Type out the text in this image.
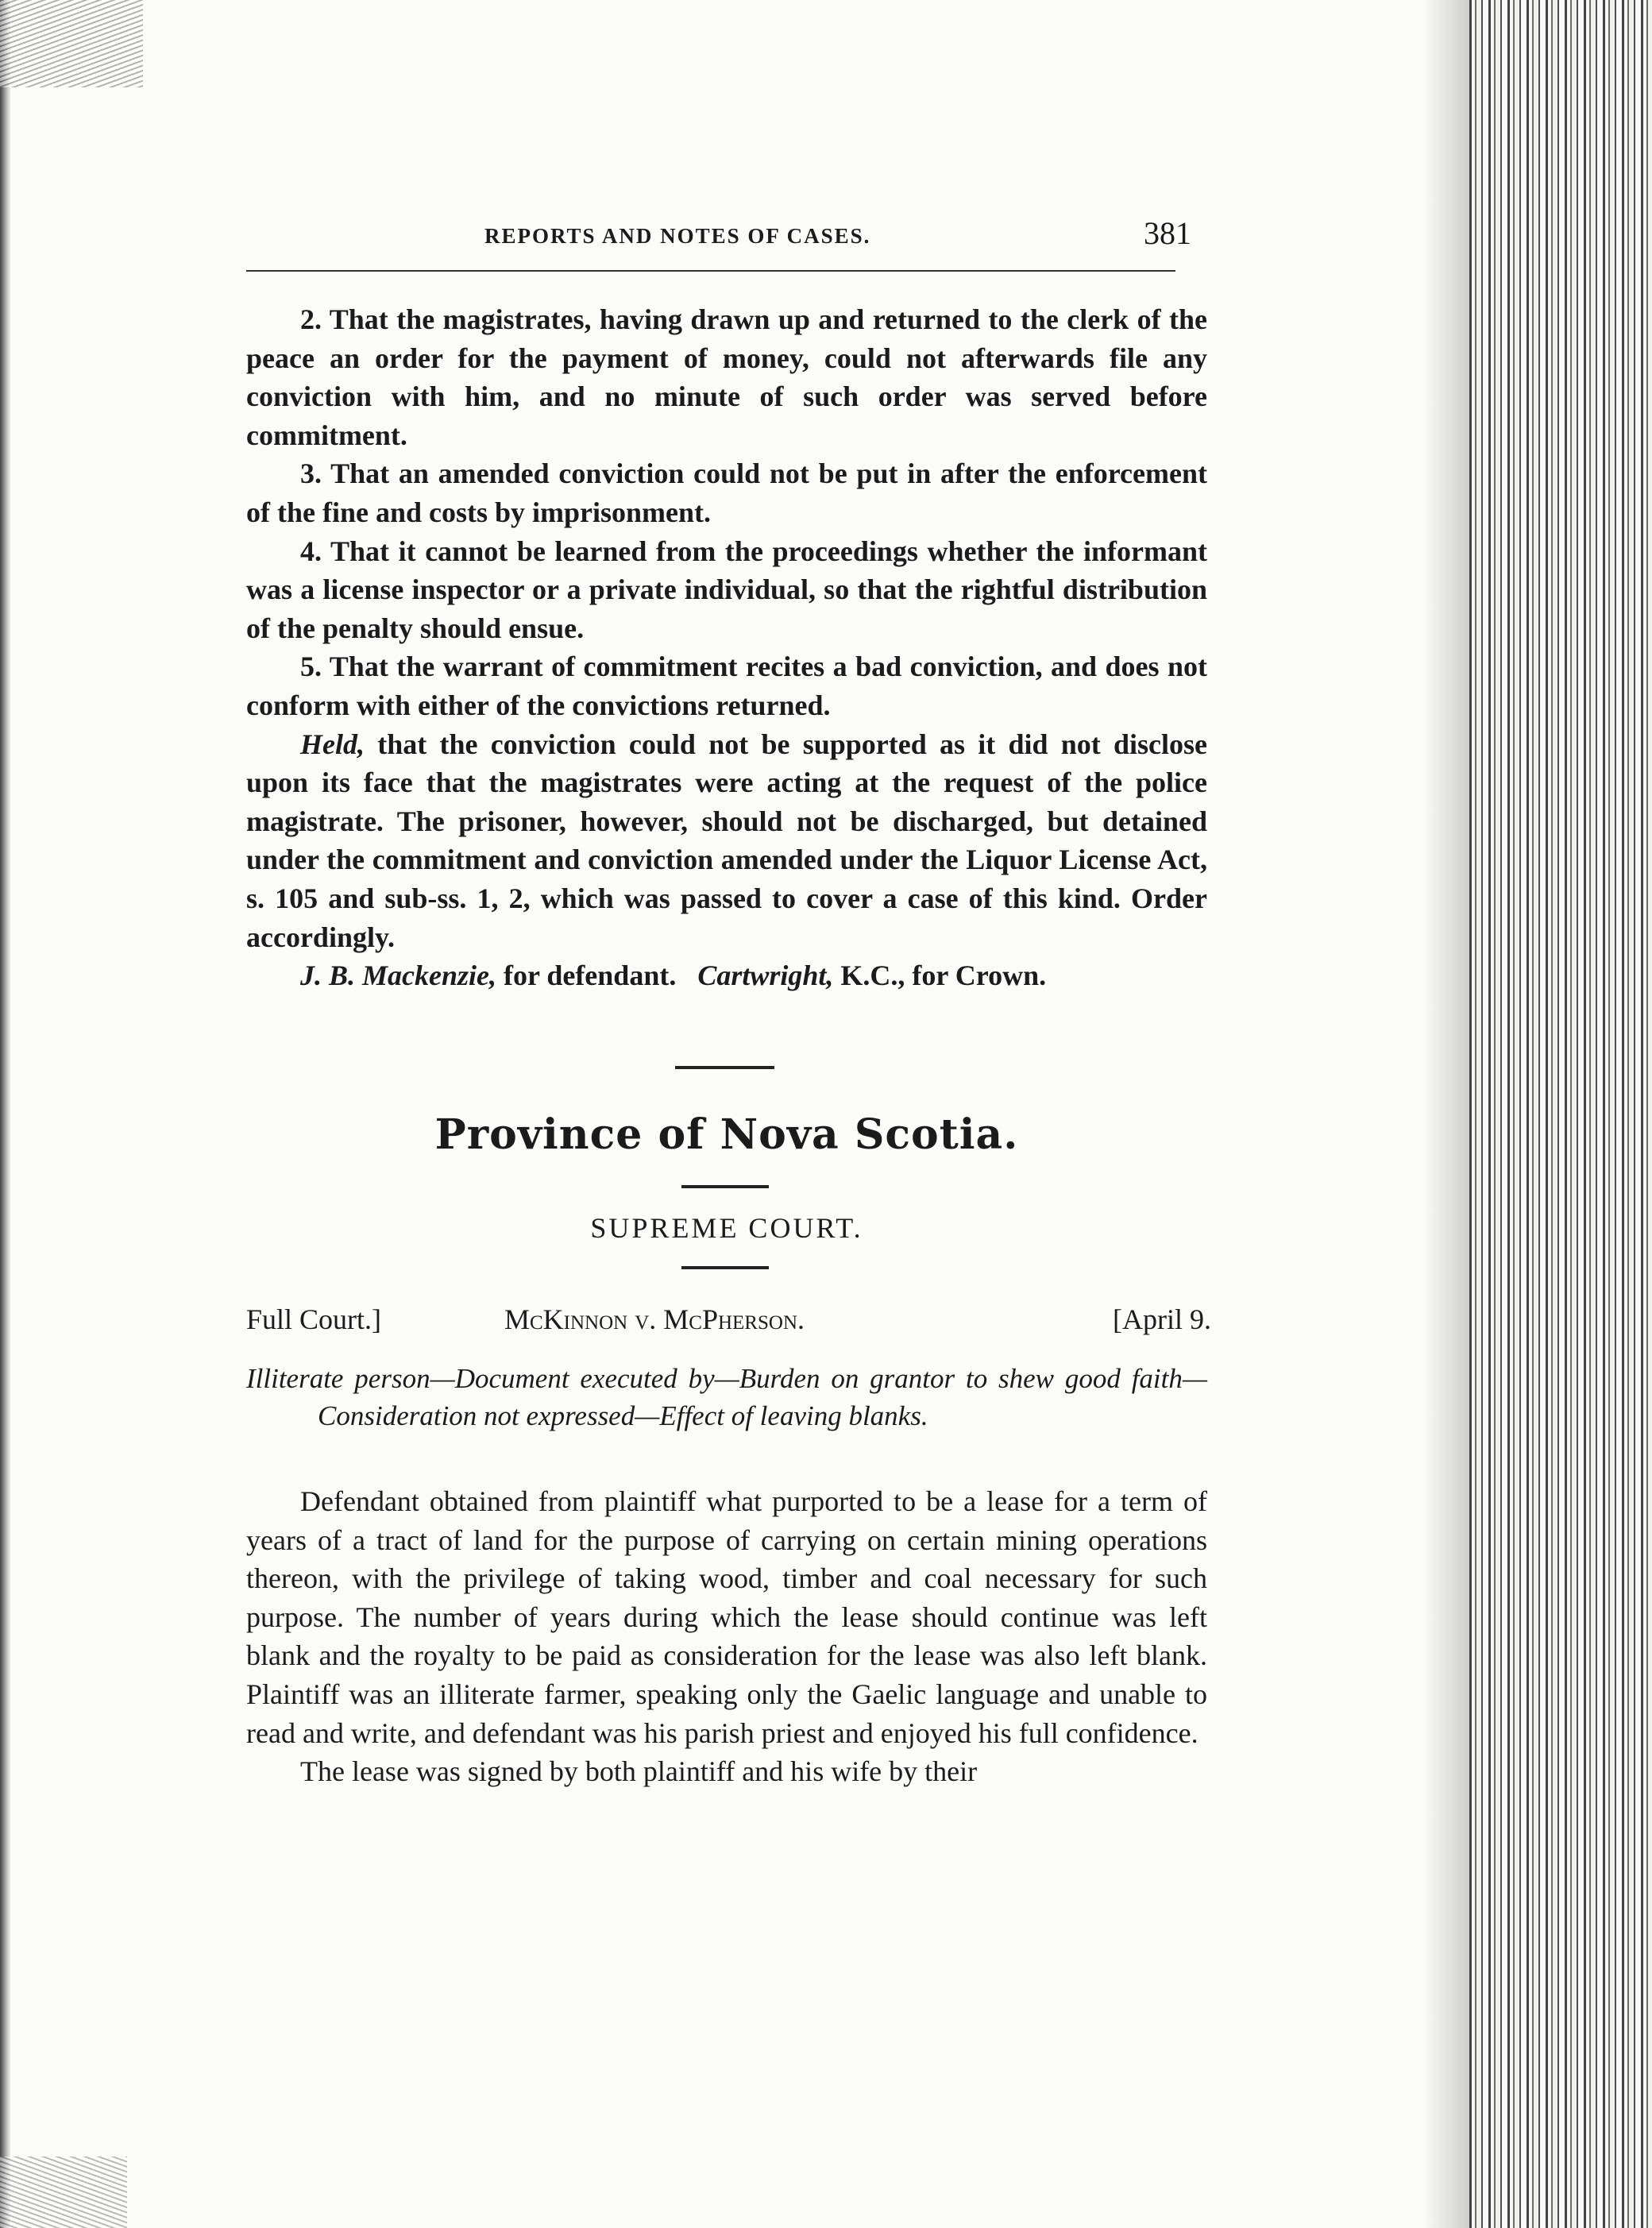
REPORTS AND NOTES OF CASES.	381

2. That the magistrates, having drawn up and returned to the clerk of the peace an order for the payment of money, could not afterwards file any conviction with him, and no minute of such order was served before commitment.

3. That an amended conviction could not be put in after the enforcement of the fine and costs by imprisonment.

4. That it cannot be learned from the proceedings whether the informant was a license inspector or a private individual, so that the rightful distribution of the penalty should ensue.

5. That the warrant of commitment recites a bad conviction, and does not conform with either of the convictions returned.

Held, that the conviction could not be supported as it did not disclose upon its face that the magistrates were acting at the request of the police magistrate. The prisoner, however, should not be discharged, but detained under the commitment and conviction amended under the Liquor License Act, s. 105 and sub-ss. 1, 2, which was passed to cover a case of this kind. Order accordingly.

J. B. Mackenzie, for defendant. Cartwright, K.C., for Crown.

Province of Nova Scotia.
SUPREME COURT.
Full Court.]	McKinnon v. McPherson.	[April 9.

Illiterate person—Document executed by—Burden on grantor to shew good faith—Consideration not expressed—Effect of leaving blanks.

Defendant obtained from plaintiff what purported to be a lease for a term of years of a tract of land for the purpose of carrying on certain mining operations thereon, with the privilege of taking wood, timber and coal necessary for such purpose. The number of years during which the lease should continue was left blank and the royalty to be paid as consideration for the lease was also left blank. Plaintiff was an illiterate farmer, speaking only the Gaelic language and unable to read and write, and defendant was his parish priest and enjoyed his full confidence.

The lease was signed by both plaintiff and his wife by their
